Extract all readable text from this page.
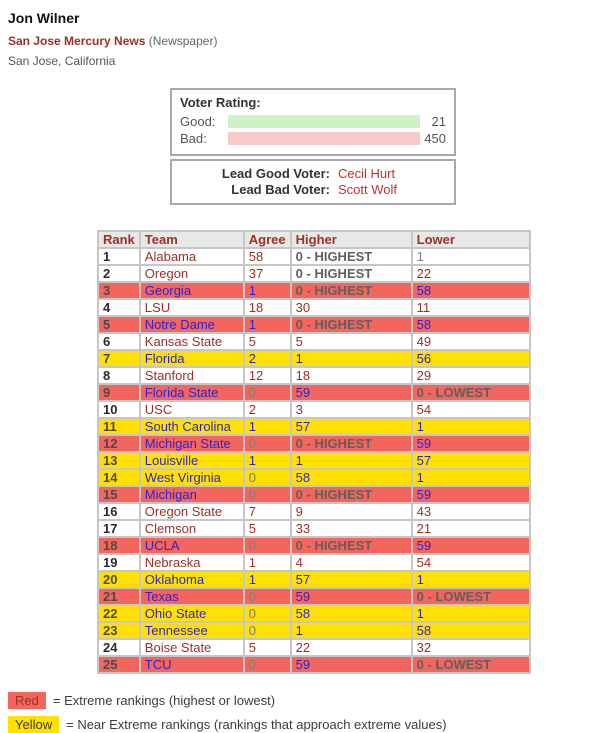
Jon Wilner
San Jose Mercury News (Newspaper)
San Jose, California
Voter Rating:
Good:	21
Bad:	450
Lead Good Voter: Cecil Hurt
Lead Bad Voter: Scott Wolf
Rank	Team	Agree	Higher	Lower
1	Alabama	58	0 - HIGHEST	1
2	Oregon	37	0 - HIGHEST	22
3	Georgia	1	0 - HIGHEST	58
4	LSU	18	30	11
5	Notre Dame	1	0 - HIGHEST	58
6	Kansas State	5	5	49
7	Florida	2	1	56
8	Stanford	12	18	29
9	Florida State	0	59	0 - LOWEST
10	USC	2	3	54
11	South Carolina	1	57	1
12	Michigan State	0	0 - HIGHEST	59
13	Louisville	1	1	57
14	West Virginia	0	58	1
15	Michigan	0	0 - HIGHEST	59
16	Oregon State	7	9	43
17	Clemson	5	33	21
18	UCLA	0	0 - HIGHEST	59
19	Nebraska	1	4	54
20	Oklahoma	1	57	1
21	Texas	0	59	0 - LOWEST
22	Ohio State	0	58	1
23	Tennessee	0	1	58
24	Boise State	5	22	32
25	TCU	0	59	0 - LOWEST
Red	= Extreme rankings (highest or lowest)
Yellow	= Near Extreme rankings (rankings that approach extreme values)
